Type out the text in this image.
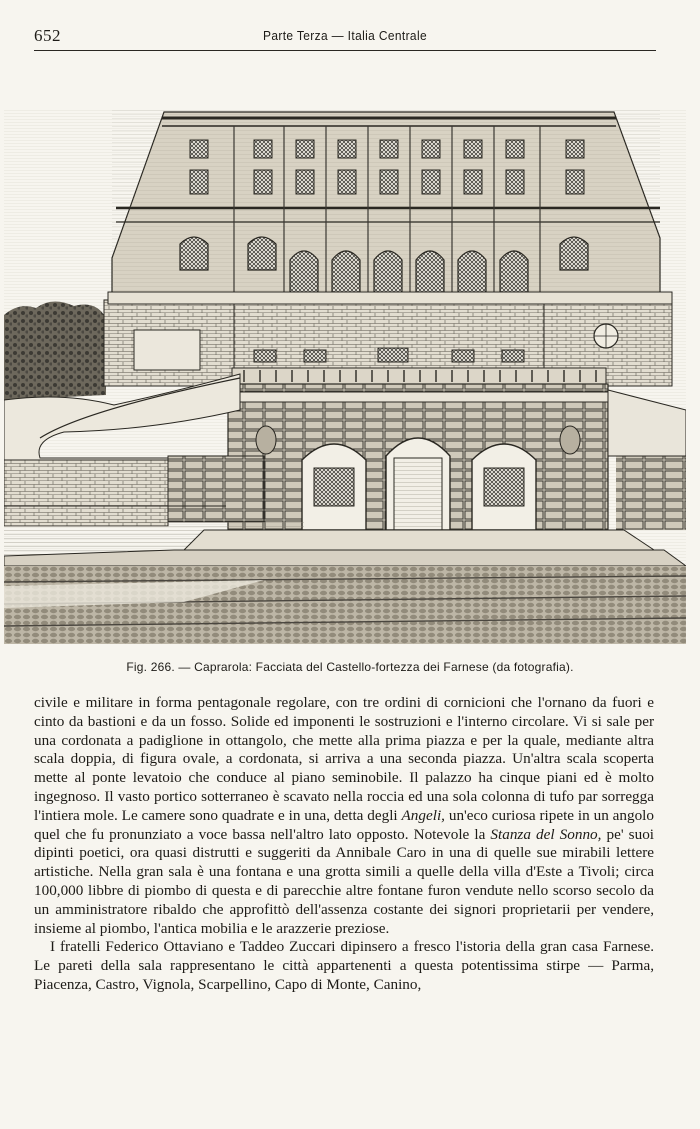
652	Parte Terza — Italia Centrale
Fig. 266. — Caprarola: Facciata del Castello-fortezza dei Farnese (da fotografia).

civile e militare in forma pentagonale regolare, con tre ordini di cornicioni che l'ornano da fuori e cinto da bastioni e da un fosso. Solide ed imponenti le sostruzioni e l'interno circolare. Vi si sale per una cordonata a padiglione in ottangolo, che mette alla prima piazza e per la quale, mediante altra scala doppia, di figura ovale, a cordonata, si arriva a una seconda piazza. Un'altra scala scoperta mette al ponte levatoio che conduce al piano seminobile. Il palazzo ha cinque piani ed è molto ingegnoso. Il vasto portico sotterraneo è scavato nella roccia ed una sola colonna di tufo par sorregga l'intiera mole. Le camere sono quadrate e in una, detta degli Angeli, un'eco curiosa ripete in un angolo quel che fu pronunziato a voce bassa nell'altro lato opposto. Notevole la Stanza del Sonno, pe' suoi dipinti poetici, ora quasi distrutti e suggeriti da Annibale Caro in una di quelle sue mirabili lettere artistiche. Nella gran sala è una fontana e una grotta simili a quelle della villa d'Este a Tivoli; circa 100,000 libbre di piombo di questa e di parecchie altre fontane furon vendute nello scorso secolo da un amministratore ribaldo che approfittò dell'assenza costante dei signori proprietarii per vendere, insieme al piombo, l'antica mobilia e le arazzerie preziose.

I fratelli Federico Ottaviano e Taddeo Zuccari dipinsero a fresco l'istoria della gran casa Farnese. Le pareti della sala rappresentano le città appartenenti a questa potentissima stirpe — Parma, Piacenza, Castro, Vignola, Scarpellino, Capo di Monte, Canino,
